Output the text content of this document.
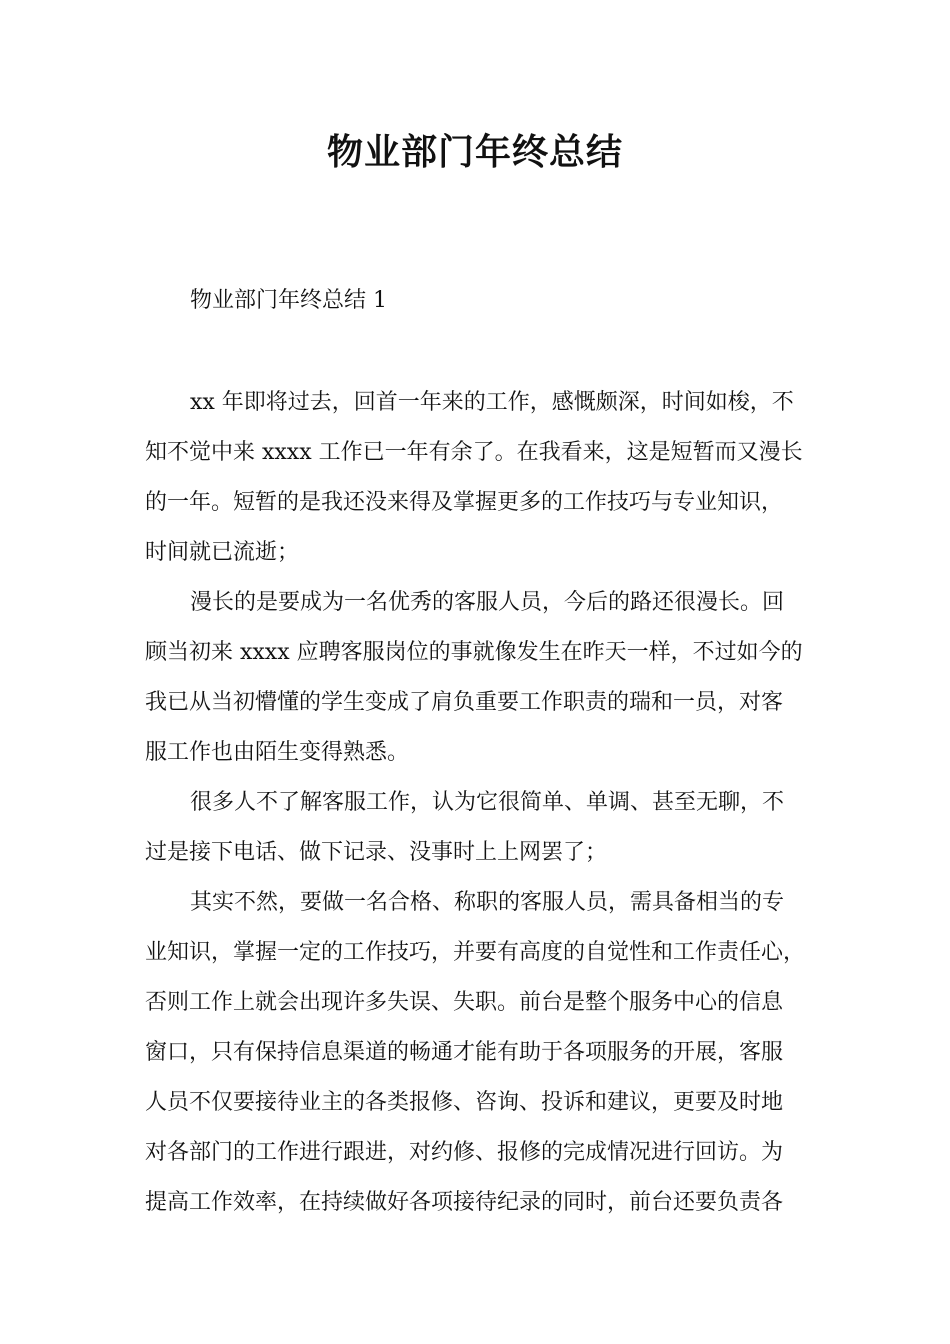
物业部门年终总结
物业部门年终总结 1

xx 年即将过去，回首一年来的工作，感慨颇深，时间如梭，不
知不觉中来 xxxx 工作已一年有余了。在我看来，这是短暂而又漫长
的一年。短暂的是我还没来得及掌握更多的工作技巧与专业知识，
时间就已流逝；

漫长的是要成为一名优秀的客服人员，今后的路还很漫长。回
顾当初来 xxxx 应聘客服岗位的事就像发生在昨天一样，不过如今的
我已从当初懵懂的学生变成了肩负重要工作职责的瑞和一员，对客
服工作也由陌生变得熟悉。

很多人不了解客服工作，认为它很简单、单调、甚至无聊，不
过是接下电话、做下记录、没事时上上网罢了；

其实不然，要做一名合格、称职的客服人员，需具备相当的专
业知识，掌握一定的工作技巧，并要有高度的自觉性和工作责任心，
否则工作上就会出现许多失误、失职。前台是整个服务中心的信息
窗口，只有保持信息渠道的畅通才能有助于各项服务的开展，客服
人员不仅要接待业主的各类报修、咨询、投诉和建议，更要及时地
对各部门的工作进行跟进，对约修、报修的完成情况进行回访。为
提高工作效率，在持续做好各项接待纪录的同时，前台还要负责各
